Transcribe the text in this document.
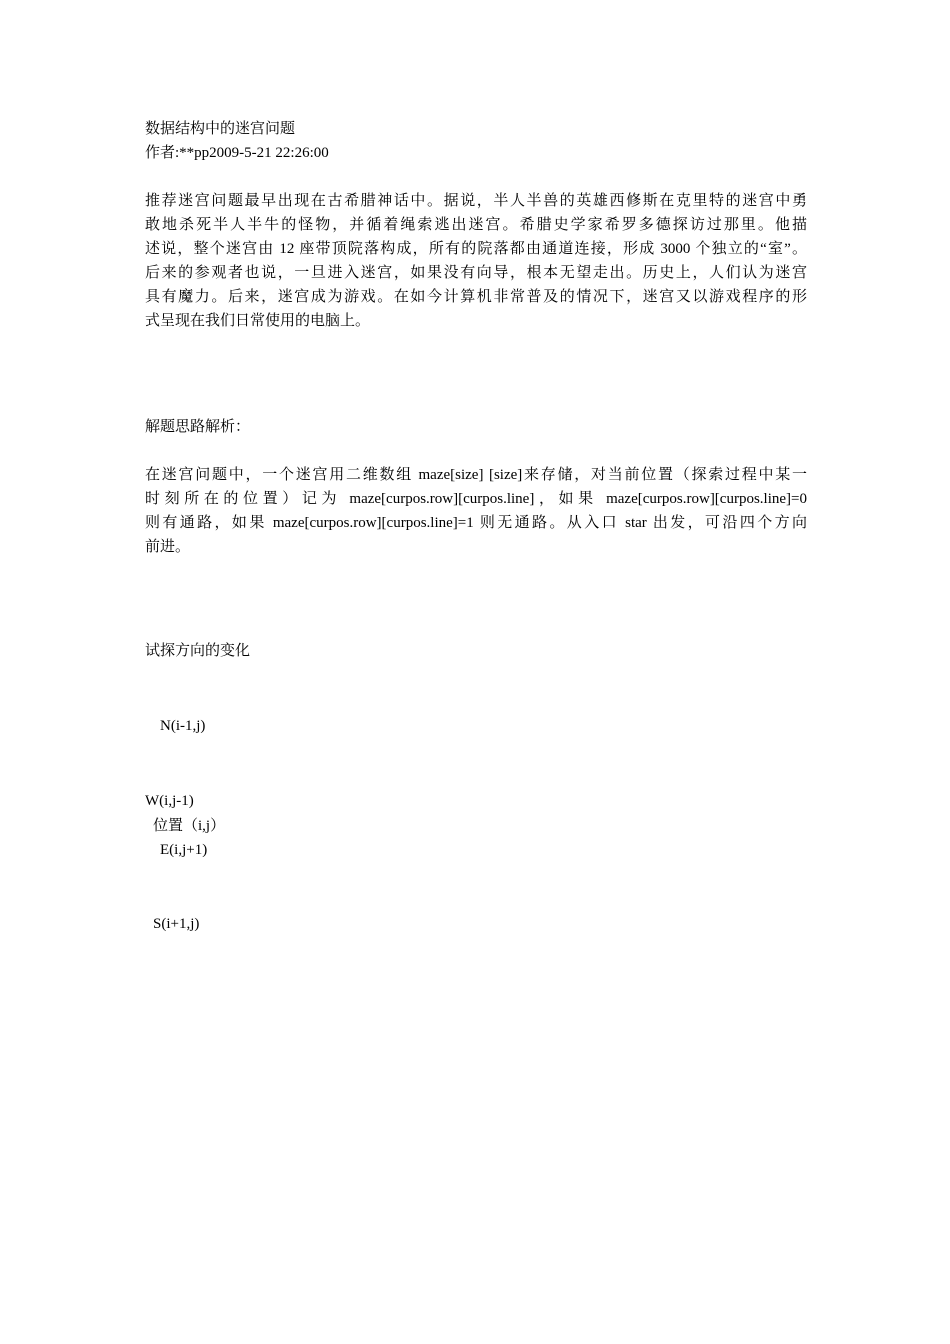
数据结构中的迷宫问题
作者:**pp2009-5-21 22:26:00
推荐迷宫问题最早出现在古希腊神话中。据说，半人半兽的英雄西修斯在克里特的迷宫中勇
敢地杀死半人半牛的怪物，并循着绳索逃出迷宫。希腊史学家希罗多德探访过那里。他描
述说，整个迷宫由 12 座带顶院落构成，所有的院落都由通道连接，形成 3000 个独立的“室”。
后来的参观者也说，一旦进入迷宫，如果没有向导，根本无望走出。历史上，人们认为迷宫
具有魔力。后来，迷宫成为游戏。在如今计算机非常普及的情况下，迷宫又以游戏程序的形
式呈现在我们日常使用的电脑上。
解题思路解析：
在迷宫问题中，一个迷宫用二维数组 maze[size] [size]来存储，对当前位置（探索过程中某一
时刻所在的位置）记为 maze[curpos.row][curpos.line]，如果 maze[curpos.row][curpos.line]=0
则有通路，如果 maze[curpos.row][curpos.line]=1 则无通路。从入口 star 出发，可沿四个方向
前进。
试探方向的变化
N(i-1,j)
W(i,j-1)
位置（i,j）
E(i,j+1)
S(i+1,j)
